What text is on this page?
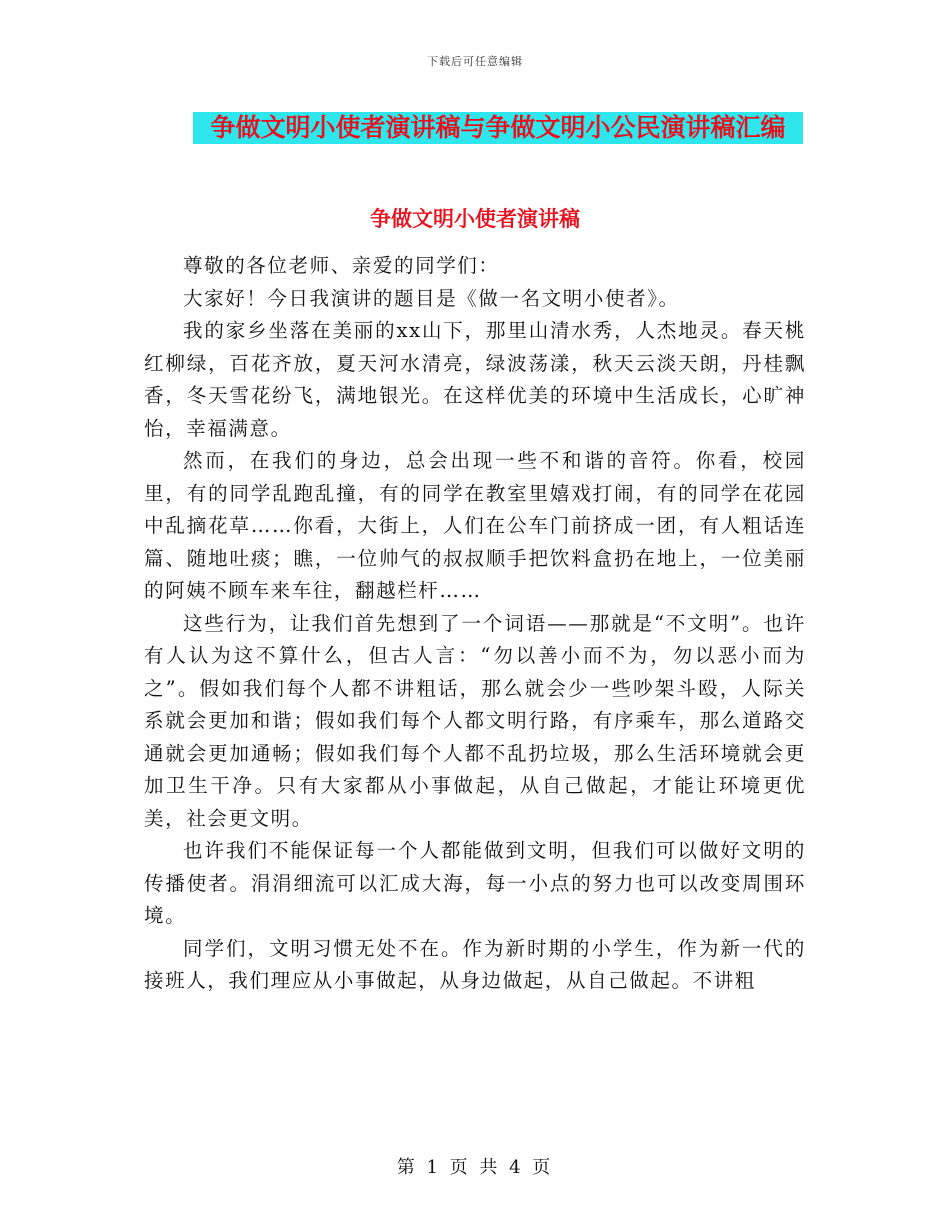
下载后可任意编辑
争做文明小使者演讲稿与争做文明小公民演讲稿汇编
争做文明小使者演讲稿

尊敬的各位老师、亲爱的同学们：

大家好！今日我演讲的题目是《做一名文明小使者》。

我的家乡坐落在美丽的xx山下，那里山清水秀，人杰地灵。春天桃红柳绿，百花齐放，夏天河水清亮，绿波荡漾，秋天云淡天朗，丹桂飘香，冬天雪花纷飞，满地银光。在这样优美的环境中生活成长，心旷神怡，幸福满意。

然而，在我们的身边，总会出现一些不和谐的音符。你看，校园里，有的同学乱跑乱撞，有的同学在教室里嬉戏打闹，有的同学在花园中乱摘花草……你看，大街上，人们在公车门前挤成一团，有人粗话连篇、随地吐痰；瞧，一位帅气的叔叔顺手把饮料盒扔在地上，一位美丽的阿姨不顾车来车往，翻越栏杆……

这些行为，让我们首先想到了一个词语——那就是“不文明”。也许有人认为这不算什么，但古人言：“勿以善小而不为，勿以恶小而为之”。假如我们每个人都不讲粗话，那么就会少一些吵架斗殴，人际关系就会更加和谐；假如我们每个人都文明行路，有序乘车，那么道路交通就会更加通畅；假如我们每个人都不乱扔垃圾，那么生活环境就会更加卫生干净。只有大家都从小事做起，从自己做起，才能让环境更优美，社会更文明。

也许我们不能保证每一个人都能做到文明，但我们可以做好文明的传播使者。涓涓细流可以汇成大海，每一小点的努力也可以改变周围环境。

同学们，文明习惯无处不在。作为新时期的小学生，作为新一代的接班人，我们理应从小事做起，从身边做起，从自己做起。不讲粗

第 1 页 共 4 页
